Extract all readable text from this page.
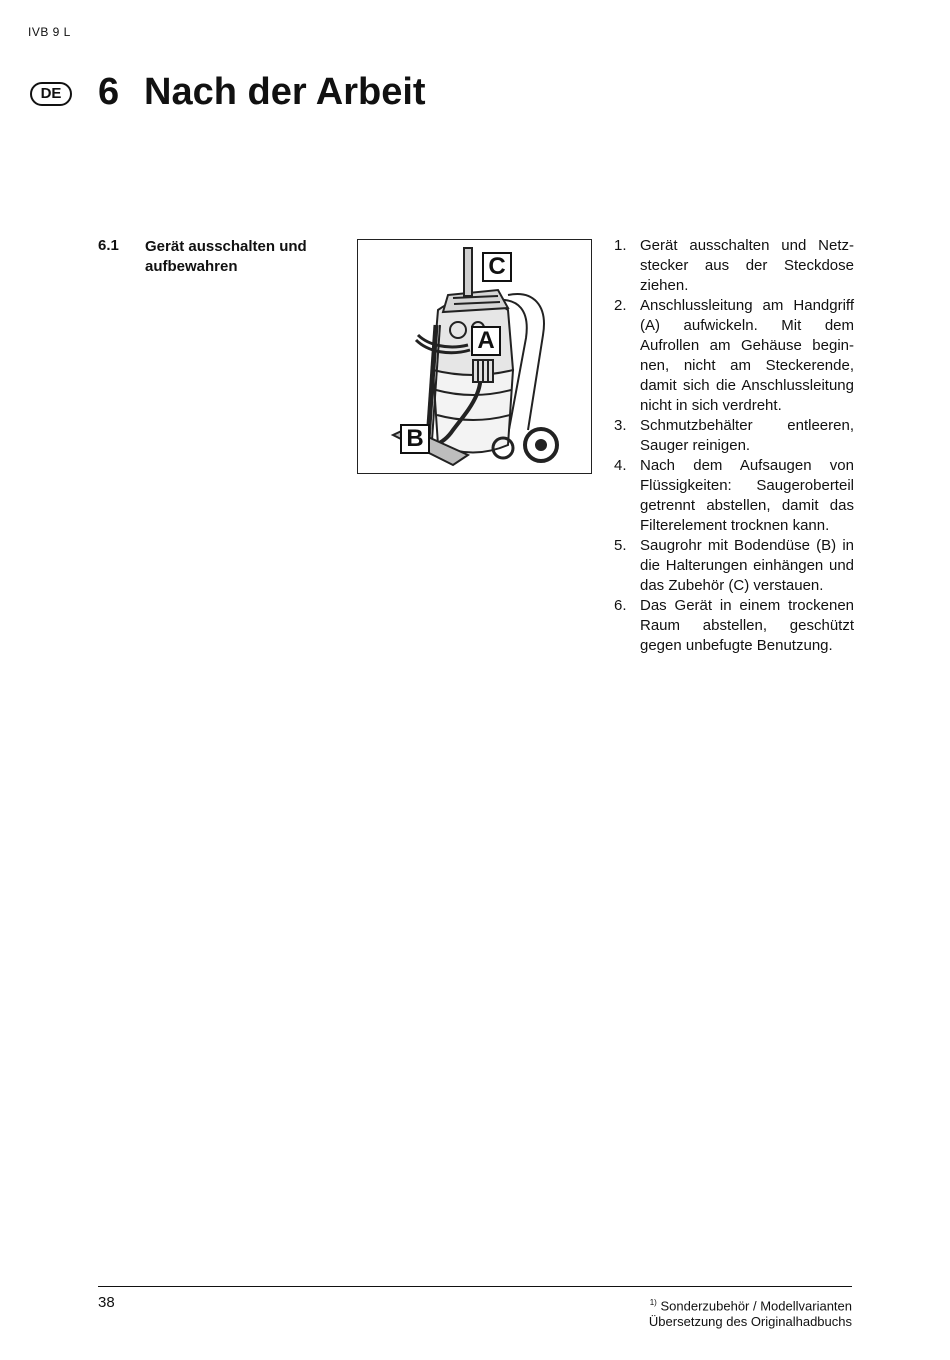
IVB 9 L
DE 6 Nach der Arbeit
6.1 Gerät ausschalten und aufbewahren	C
A
B
1. Gerät ausschalten und Netzstecker aus der Steckdose ziehen.
2. Anschlussleitung am Handgriff (A) aufwickeln. Mit dem Aufrollen am Gehäuse beginnen, nicht am Steckerende, damit sich die Anschlussleitung nicht in sich verdreht.
3. Schmutzbehälter entleeren, Sauger reinigen.
4. Nach dem Aufsaugen von Flüssigkeiten: Saugeroberteil getrennt abstellen, damit das Filterelement trocknen kann.
5. Saugrohr mit Bodendüse (B) in die Halterungen einhängen und das Zubehör (C) verstauen.
6. Das Gerät in einem trockenen Raum abstellen, geschützt gegen unbefugte Benutzung.
38	$^{1)}$ Sonderzubehör / Modellvarianten
Übersetzung des Originalhadbuchs
